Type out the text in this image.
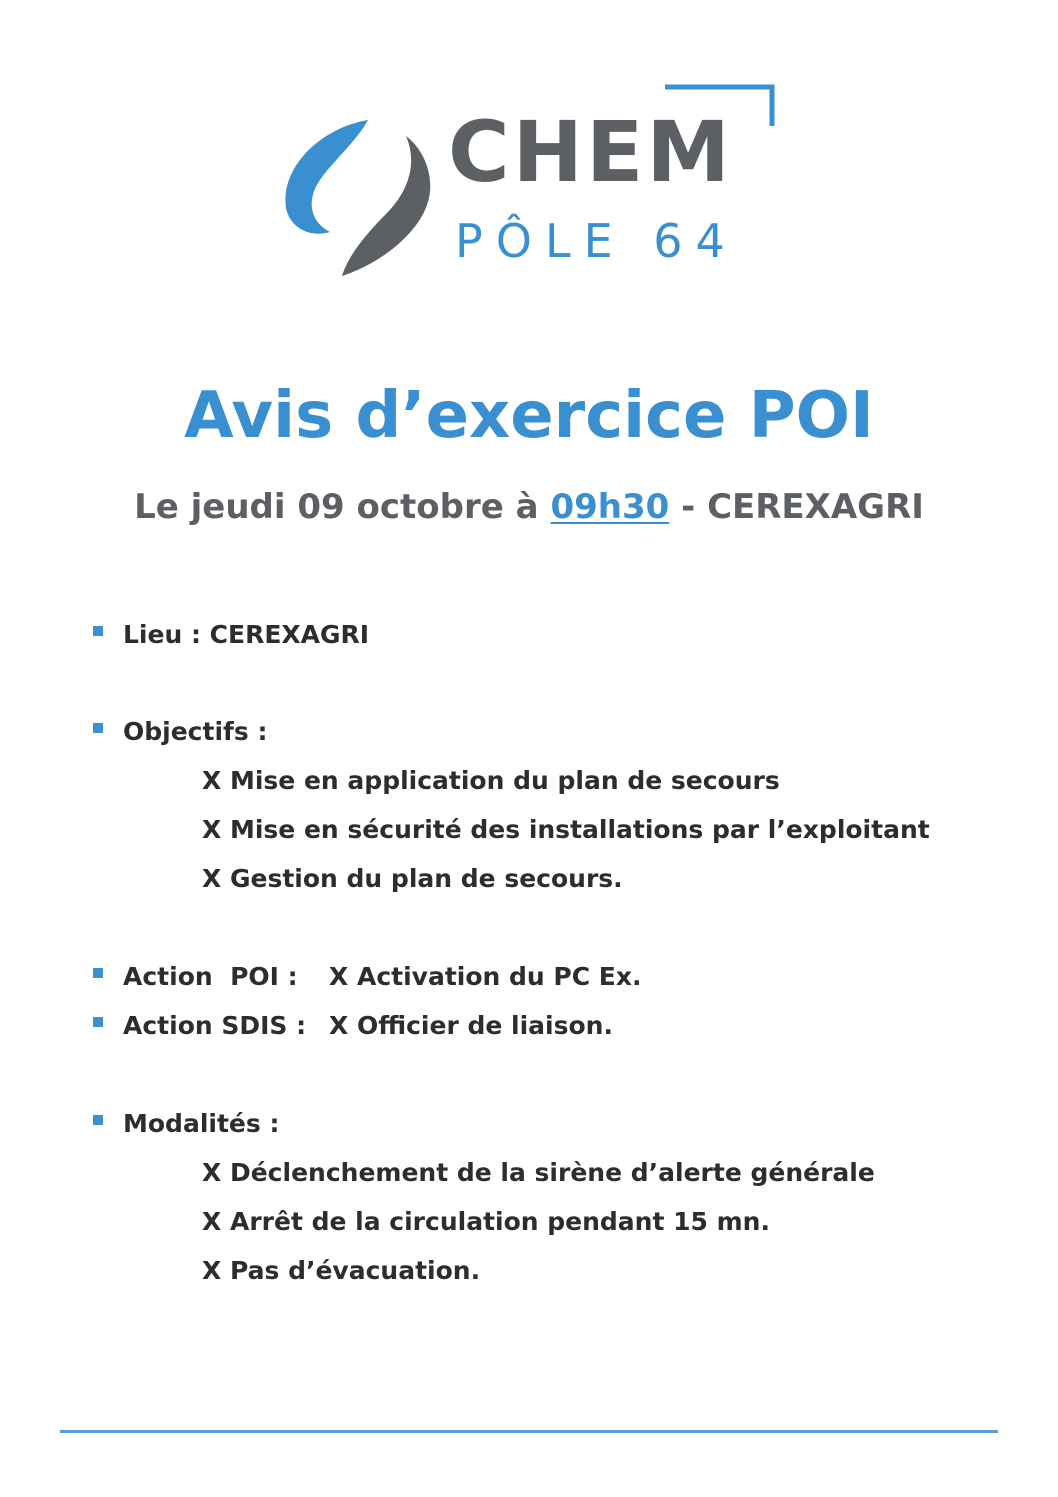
CHEM
PÔLE 64
Avis d’exercice POI

Le jeudi 09 octobre à 09h30 - CEREXAGRI

Lieu : CEREXAGRI
Objectifs :
X Mise en application du plan de secours
X Mise en sécurité des installations par l’exploitant
X Gestion du plan de secours.
Action  POI : X Activation du PC Ex.
Action SDIS : X Officier de liaison.
Modalités :
X Déclenchement de la sirène d’alerte générale
X Arrêt de la circulation pendant 15 mn.
X Pas d’évacuation.
